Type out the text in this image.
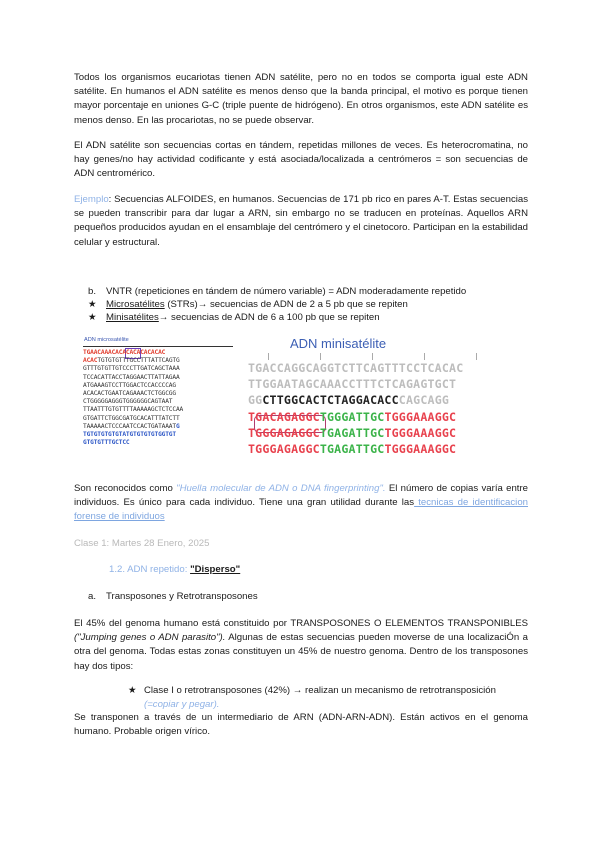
Todos los organismos eucariotas tienen ADN satélite, pero no en todos se comporta igual este ADN satélite. En humanos el ADN satélite es menos denso que la banda principal, el motivo es porque tienen mayor porcentaje en uniones G-C (triple puente de hidrógeno). En otros organismos, este ADN satélite es menos denso. En las procariotas, no se puede observar.
El ADN satélite son secuencias cortas en tándem, repetidas millones de veces. Es heterocromatina, no hay genes/no hay actividad codificante y está asociada/localizada a centrómeros = son secuencias de ADN centromérico.
Ejemplo: Secuencias ALFOIDES, en humanos. Secuencias de 171 pb rico en pares A-T. Estas secuencias se pueden transcribir para dar lugar a ARN, sin embargo no se traducen en proteínas. Aquellos ARN pequeños producidos ayudan en el ensamblaje del centrómero y el cinetocoro. Participan en la estabilidad celular y estructural.
b. VNTR (repeticiones en tándem de número variable) = ADN moderadamente repetido
★ Microsatélites (STRs)→ secuencias de ADN de 2 a 5 pb que se repiten
★ Minisatélites→ secuencias de ADN de 6 a 100 pb que se repiten
ADN microsatélite
TGAACAAACACACACACACACAC
ACACTGTGTGTTTGCCTTTATTCAGTG
GTTTGTGTTGTCCCTTGATCAGCTAAA
TCCACATTACCTAGGAACTTATTAGAA
ATGAAAGTCCTTGGACTCCACCCCAG
ACACACTGAATCAGAAACTCTGGCGG
CTGGGGGAGGGTGGGGGGCAGTAAT
TTAATTTGTGTTTTAAAAAGCTCTCCAA
GTGATTCTGGCGATGCACATTTATCTT
TAAAAACTCCCAATCCACTGATAAATG
TGTGTGTGTGTATGTGTGTGTGGTGT
GTGTGTTTGCTCC
ADN minisatélite
TGACCAGGCAGGTCTTCAGTTTCCTCACAC
TTGGAATAGCAAACCTTTCTCAGAGTGCT
GGCTTGGCACTCTAGGACACCCAGCAGG
TGACAGAGGCTGGGATTGCTGGGAAAGGC
TGGGAGAGGCTGAGATTGCTGGGAAAGGC
TGGGAGAGGCTGAGATTGCTGGGAAAGGC
Son reconocidos como "Huella molecular de ADN o DNA fingerprinting". El número de copias varía entre individuos. Es único para cada individuo. Tiene una gran utilidad durante las tecnicas de identificacion forense de individuos
Clase 1: Martes 28 Enero, 2025
1.2. ADN repetido: "Disperso"
a. Transposones y Retrotransposones
El 45% del genoma humano está constituido por TRANSPOSONES O ELEMENTOS TRANSPONIBLES ("Jumping genes o ADN parasito"). Algunas de estas secuencias pueden moverse de una localizaciÓn a otra del genoma. Todas estas zonas constituyen un 45% de nuestro genoma. Dentro de los transposones hay dos tipos:
★ Clase I o retrotransposones (42%) → realizan un mecanismo de retrotransposición
(=copiar y pegar).
Se transponen a través de un intermediario de ARN (ADN-ARN-ADN). Están activos en el genoma humano. Probable origen vírico.
